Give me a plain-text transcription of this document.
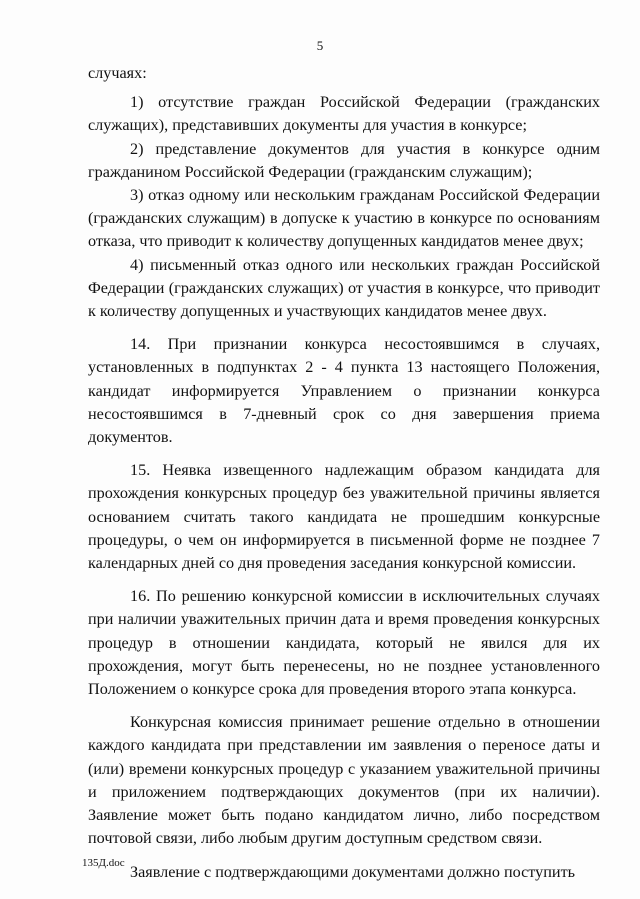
5

случаях:

1) отсутствие граждан Российской Федерации (гражданских служащих), представивших документы для участия в конкурсе;

2) представление документов для участия в конкурсе одним гражданином Российской Федерации (гражданским служащим);

3) отказ одному или нескольким гражданам Российской Федерации (гражданских служащим) в допуске к участию в конкурсе по основаниям отказа, что приводит к количеству допущенных кандидатов менее двух;

4) письменный отказ одного или нескольких граждан Российской Федерации (гражданских служащих) от участия в конкурсе, что приводит к количеству допущенных и участвующих кандидатов менее двух.

14. При признании конкурса несостоявшимся в случаях, установленных в подпунктах 2 - 4 пункта 13 настоящего Положения, кандидат информируется Управлением о признании конкурса несостоявшимся в 7-дневный срок со дня завершения приема документов.

15. Неявка извещенного надлежащим образом кандидата для прохождения конкурсных процедур без уважительной причины является основанием считать такого кандидата не прошедшим конкурсные процедуры, о чем он информируется в письменной форме не позднее 7 календарных дней со дня проведения заседания конкурсной комиссии.

16. По решению конкурсной комиссии в исключительных случаях при наличии уважительных причин дата и время проведения конкурсных процедур в отношении кандидата, который не явился для их прохождения, могут быть перенесены, но не позднее установленного Положением о конкурсе срока для проведения второго этапа конкурса.

Конкурсная комиссия принимает решение отдельно в отношении каждого кандидата при представлении им заявления о переносе даты и (или) времени конкурсных процедур с указанием уважительной причины и приложением подтверждающих документов (при их наличии). Заявление может быть подано кандидатом лично, либо посредством почтовой связи, либо любым другим доступным средством связи.

Заявление с подтверждающими документами должно поступить

135Д.doc
